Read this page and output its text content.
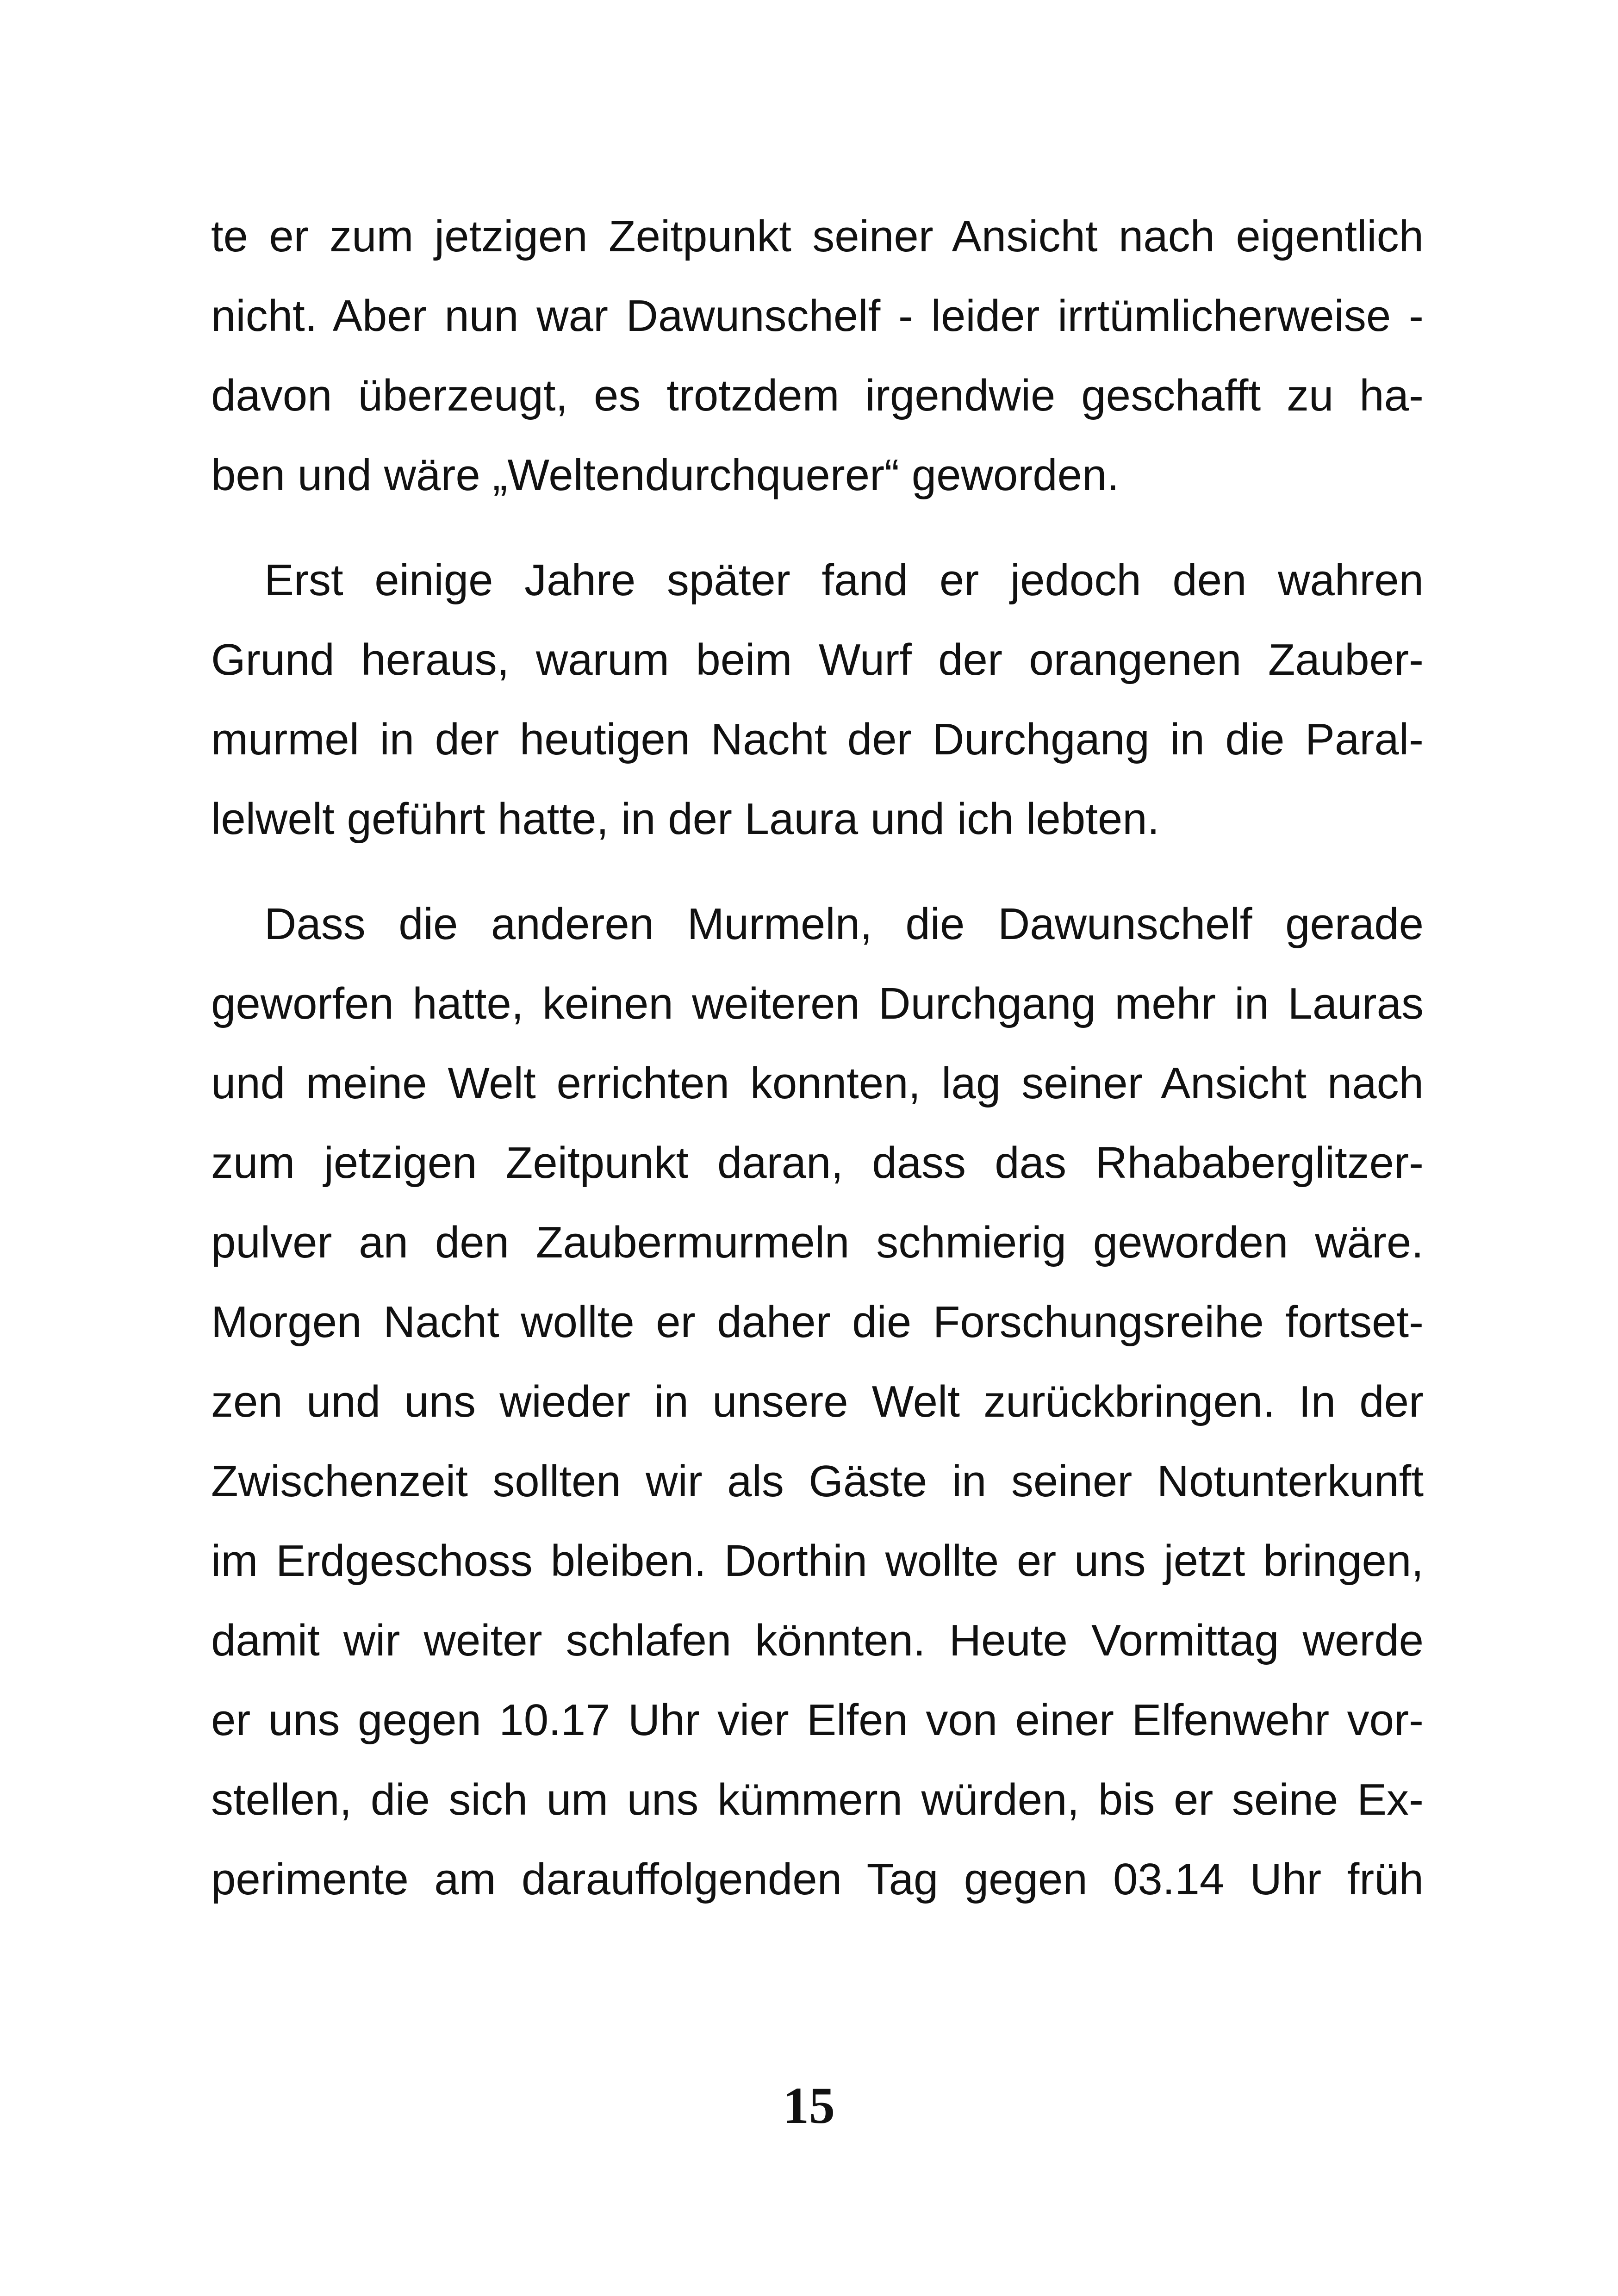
te er zum jetzigen Zeitpunkt seiner Ansicht nach eigentlich
nicht. Aber nun war Dawunschelf - leider irrtümlicherweise -
davon überzeugt, es trotzdem irgendwie geschafft zu ha-
ben und wäre „Weltendurchquerer“ geworden.
Erst einige Jahre später fand er jedoch den wahren
Grund heraus, warum beim Wurf der orangenen Zauber-
murmel in der heutigen Nacht der Durchgang in die Paral-
lelwelt geführt hatte, in der Laura und ich lebten.
Dass die anderen Murmeln, die Dawunschelf gerade
geworfen hatte, keinen weiteren Durchgang mehr in Lauras
und meine Welt errichten konnten, lag seiner Ansicht nach
zum jetzigen Zeitpunkt daran, dass das Rhababerglitzer-
pulver an den Zaubermurmeln schmierig geworden wäre.
Morgen Nacht wollte er daher die Forschungsreihe fortset-
zen und uns wieder in unsere Welt zurückbringen. In der
Zwischenzeit sollten wir als Gäste in seiner Notunterkunft
im Erdgeschoss bleiben. Dorthin wollte er uns jetzt bringen,
damit wir weiter schlafen könnten. Heute Vormittag werde
er uns gegen 10.17 Uhr vier Elfen von einer Elfenwehr vor-
stellen, die sich um uns kümmern würden, bis er seine Ex-
perimente am darauffolgenden Tag gegen 03.14 Uhr früh
15
